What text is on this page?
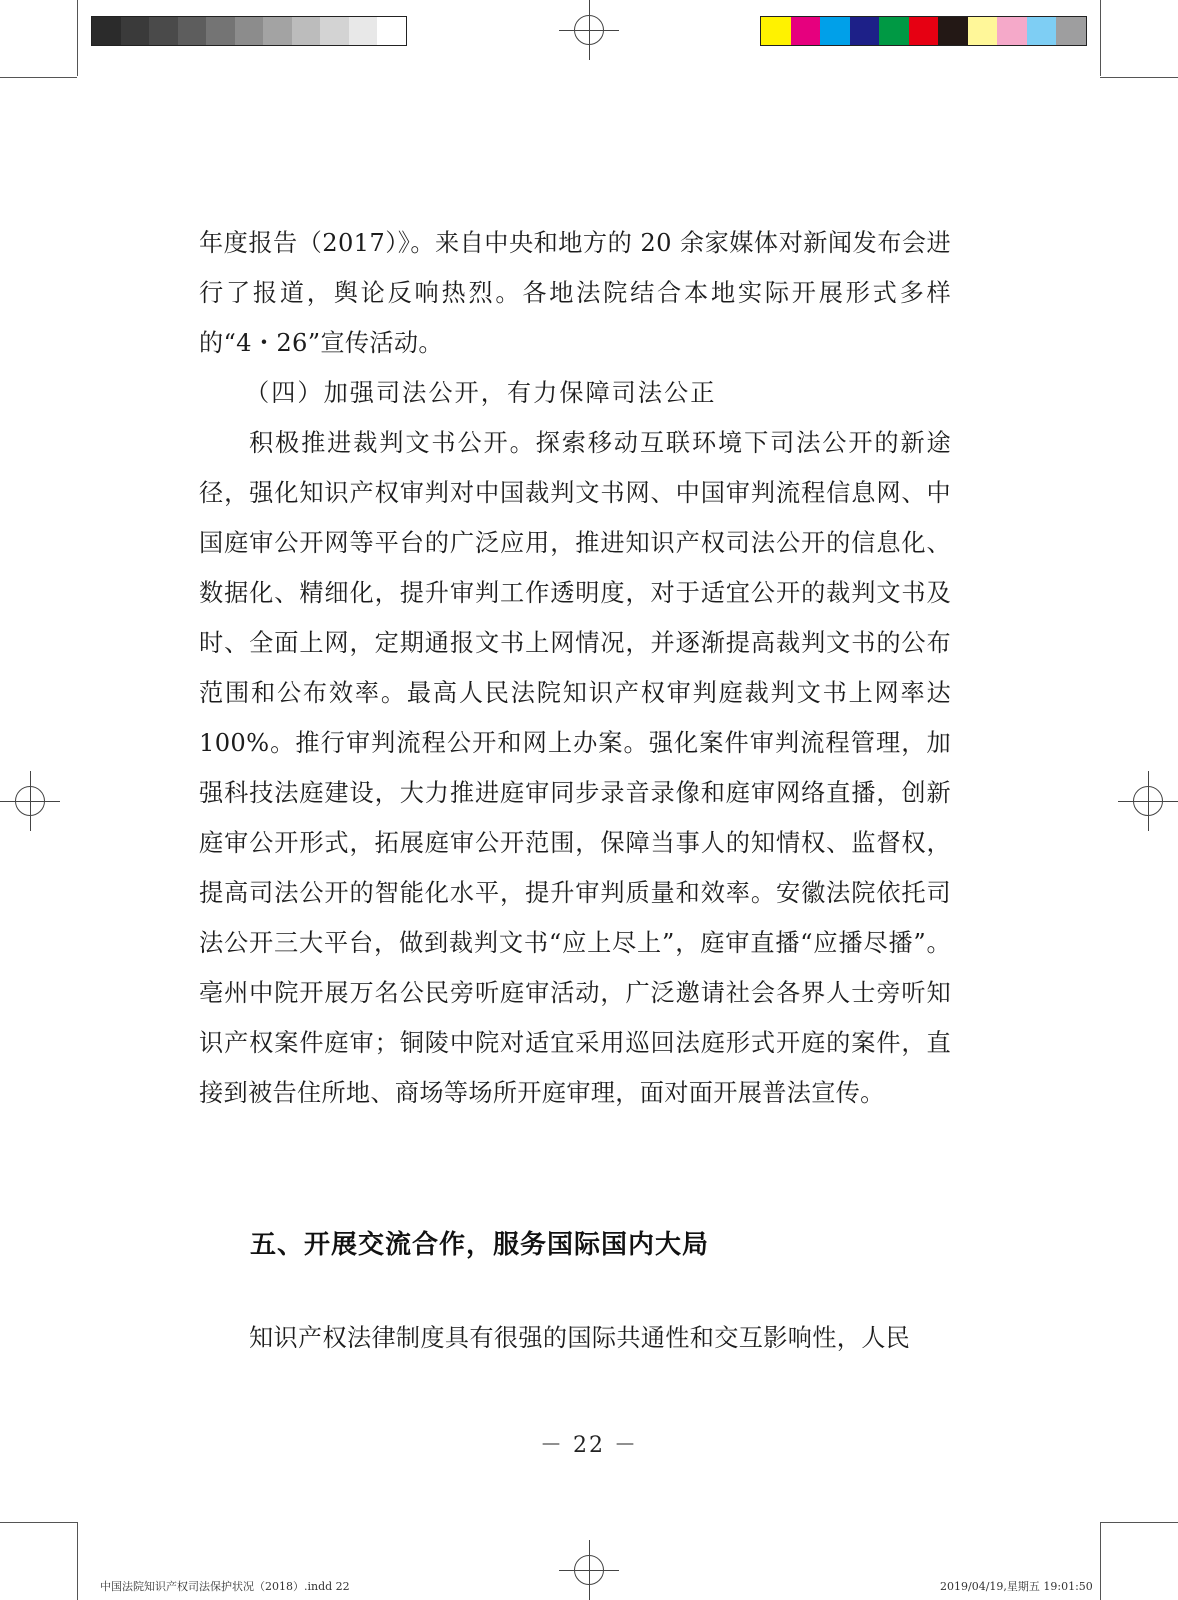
年度报告（2017）》。来自中央和地方的 20 余家媒体对新闻发布会进行了报道，舆论反响热烈。各地法院结合本地实际开展形式多样的“4・26”宣传活动。

（四）加强司法公开，有力保障司法公正

积极推进裁判文书公开。探索移动互联环境下司法公开的新途径，强化知识产权审判对中国裁判文书网、中国审判流程信息网、中国庭审公开网等平台的广泛应用，推进知识产权司法公开的信息化、数据化、精细化，提升审判工作透明度，对于适宜公开的裁判文书及时、全面上网，定期通报文书上网情况，并逐渐提高裁判文书的公布范围和公布效率。最高人民法院知识产权审判庭裁判文书上网率达 100%。推行审判流程公开和网上办案。强化案件审判流程管理，加强科技法庭建设，大力推进庭审同步录音录像和庭审网络直播，创新庭审公开形式，拓展庭审公开范围，保障当事人的知情权、监督权，提高司法公开的智能化水平，提升审判质量和效率。安徽法院依托司法公开三大平台，做到裁判文书“应上尽上”，庭审直播“应播尽播”。亳州中院开展万名公民旁听庭审活动，广泛邀请社会各界人士旁听知识产权案件庭审；铜陵中院对适宜采用巡回法庭形式开庭的案件，直接到被告住所地、商场等场所开庭审理，面对面开展普法宣传。

五、开展交流合作，服务国际国内大局

知识产权法律制度具有很强的国际共通性和交互影响性，人民

－ 22 －
中国法院知识产权司法保护状况（2018）.indd 22	2019/04/19,星期五 19:01:50
